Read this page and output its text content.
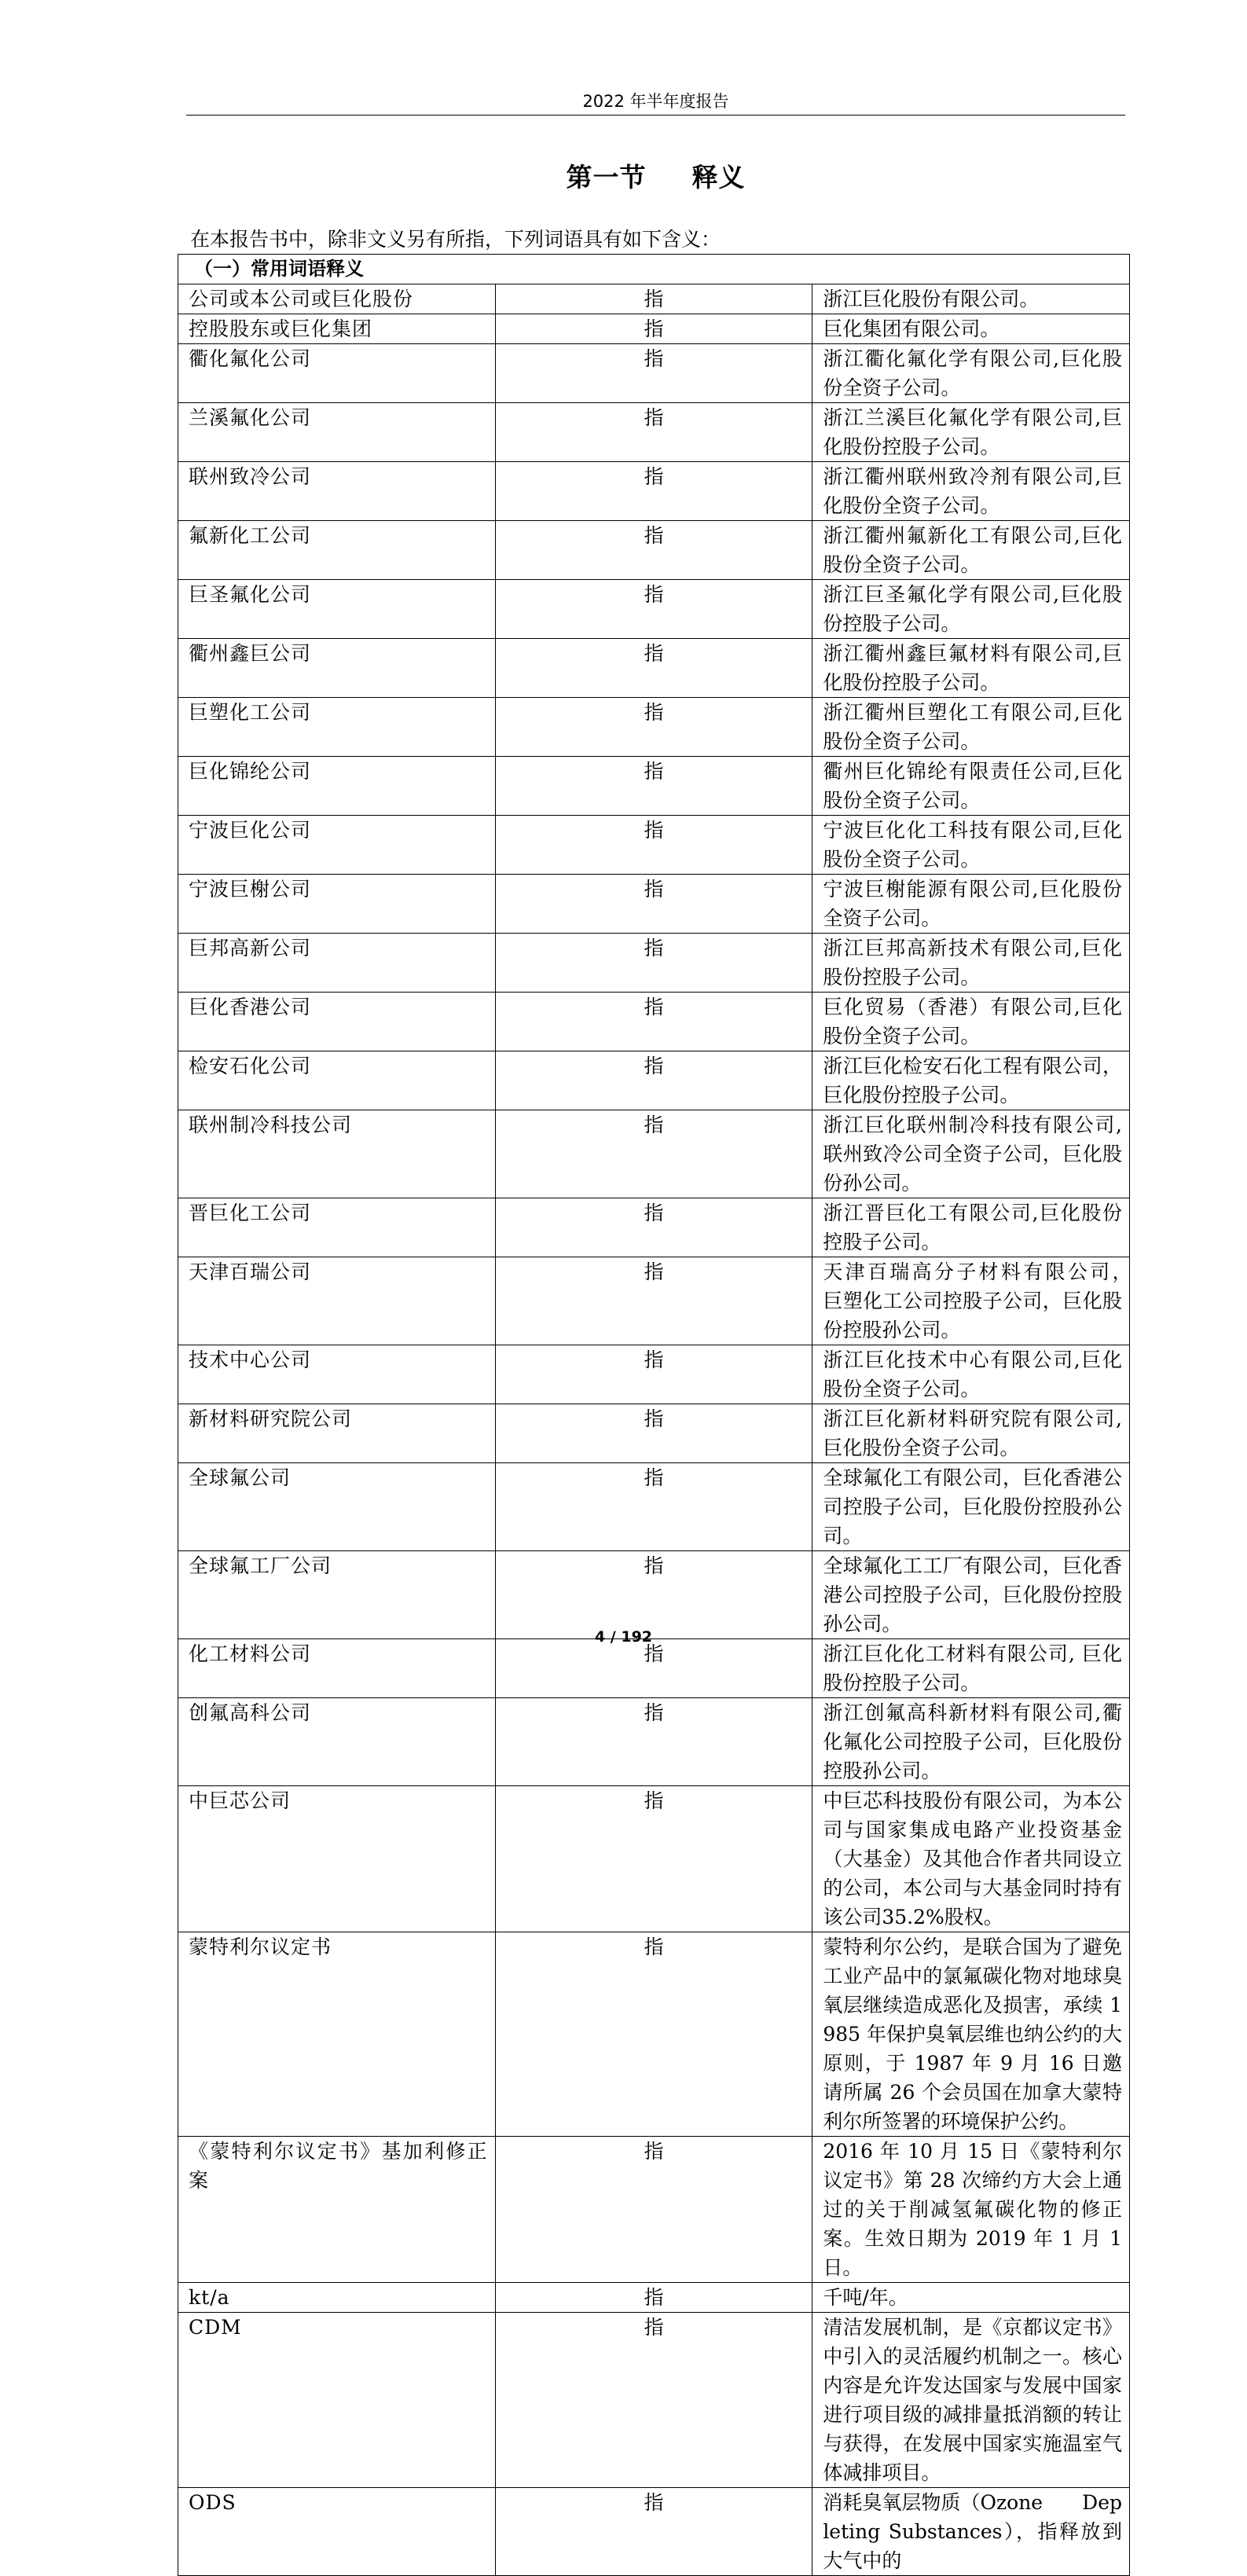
2022 年半年度报告
第一节 释义
在本报告书中，除非文义另有所指，下列词语具有如下含义：
（一）常用词语释义		
公司或本公司或巨化股份	指	浙江巨化股份有限公司。
控股股东或巨化集团	指	巨化集团有限公司。
衢化氟化公司	指	浙江衢化氟化学有限公司,巨化股份全资子公司。
兰溪氟化公司	指	浙江兰溪巨化氟化学有限公司,巨化股份控股子公司。
联州致冷公司	指	浙江衢州联州致冷剂有限公司,巨化股份全资子公司。
氟新化工公司	指	浙江衢州氟新化工有限公司,巨化股份全资子公司。
巨圣氟化公司	指	浙江巨圣氟化学有限公司,巨化股份控股子公司。
衢州鑫巨公司	指	浙江衢州鑫巨氟材料有限公司,巨化股份控股子公司。
巨塑化工公司	指	浙江衢州巨塑化工有限公司,巨化股份全资子公司。
巨化锦纶公司	指	衢州巨化锦纶有限责任公司,巨化股份全资子公司。
宁波巨化公司	指	宁波巨化化工科技有限公司,巨化股份全资子公司。
宁波巨榭公司	指	宁波巨榭能源有限公司,巨化股份全资子公司。
巨邦高新公司	指	浙江巨邦高新技术有限公司,巨化股份控股子公司。
巨化香港公司	指	巨化贸易（香港）有限公司,巨化股份全资子公司。
检安石化公司	指	浙江巨化检安石化工程有限公司，巨化股份控股子公司。
联州制冷科技公司	指	浙江巨化联州制冷科技有限公司,联州致冷公司全资子公司，巨化股份孙公司。
晋巨化工公司	指	浙江晋巨化工有限公司,巨化股份控股子公司。
天津百瑞公司	指	天津百瑞高分子材料有限公司，　巨塑化工公司控股子公司，巨化股份控股孙公司。
技术中心公司	指	浙江巨化技术中心有限公司,巨化股份全资子公司。
新材料研究院公司	指	浙江巨化新材料研究院有限公司,巨化股份全资子公司。
全球氟公司	指	全球氟化工有限公司，巨化香港公司控股子公司，巨化股份控股孙公司。
全球氟工厂公司	指	全球氟化工工厂有限公司，巨化香港公司控股子公司，巨化股份控股孙公司。
化工材料公司	指	浙江巨化化工材料有限公司, 巨化股份控股子公司。
创氟高科公司	指	浙江创氟高科新材料有限公司,衢化氟化公司控股子公司，巨化股份控股孙公司。
中巨芯公司	指	中巨芯科技股份有限公司，为本公司与国家集成电路产业投资基金（大基金）及其他合作者共同设立的公司，本公司与大基金同时持有该公司35.2%股权。
蒙特利尔议定书	指	蒙特利尔公约，是联合国为了避免工业产品中的氯氟碳化物对地球臭氧层继续造成恶化及损害，承续 1985 年保护臭氧层维也纳公约的大原则，于 1987 年 9 月 16 日邀请所属 26 个会员国在加拿大蒙特利尔所签署的环境保护公约。
《蒙特利尔议定书》基加利修正案	指	2016 年 10 月 15 日《蒙特利尔议定书》第 28 次缔约方大会上通过的关于削减氢氟碳化物的修正案。生效日期为 2019 年 1 月 1 日。
kt/a	指	千吨/年。
CDM	指	清洁发展机制，是《京都议定书》中引入的灵活履约机制之一。核心内容是允许发达国家与发展中国家进行项目级的减排量抵消额的转让与获得，在发展中国家实施温室气体减排项目。
ODS	指	消耗臭氧层物质（Ozone　　Depleting Substances），指释放到大气中的
4 / 192
